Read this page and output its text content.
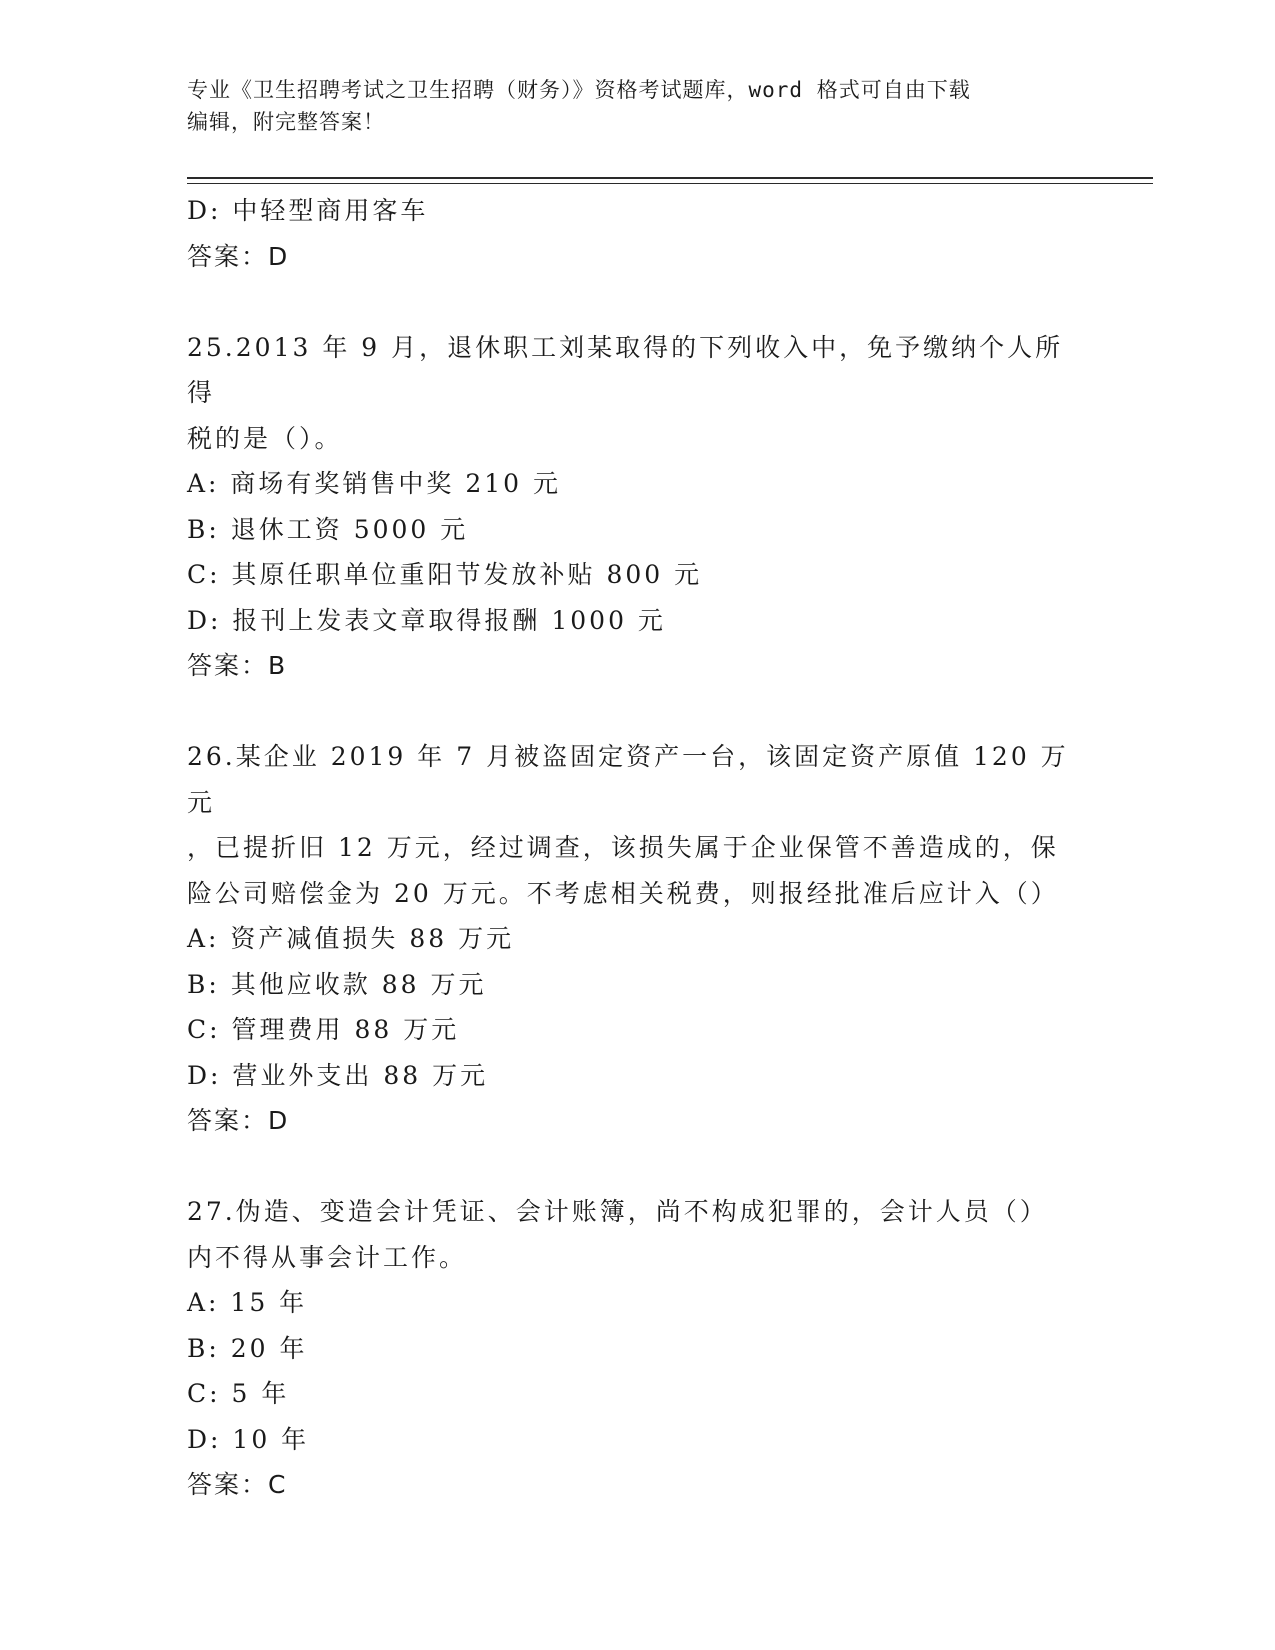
专业《卫生招聘考试之卫生招聘（财务）》资格考试题库，word 格式可自由下载
编辑，附完整答案！
D: 中轻型商用客车
答案：D
25.2013 年 9 月，退休职工刘某取得的下列收入中，免予缴纳个人所得
税的是（）。
A: 商场有奖销售中奖 210 元
B: 退休工资 5000 元
C: 其原任职单位重阳节发放补贴 800 元
D: 报刊上发表文章取得报酬 1000 元
答案：B
26.某企业 2019 年 7 月被盗固定资产一台，该固定资产原值 120 万元
，已提折旧 12 万元，经过调查，该损失属于企业保管不善造成的，保
险公司赔偿金为 20 万元。不考虑相关税费，则报经批准后应计入（）
A: 资产减值损失 88 万元
B: 其他应收款 88 万元
C: 管理费用 88 万元
D: 营业外支出 88 万元
答案：D
27.伪造、变造会计凭证、会计账簿，尚不构成犯罪的，会计人员（）
内不得从事会计工作。
A: 15 年
B: 20 年
C: 5 年
D: 10 年
答案：C
